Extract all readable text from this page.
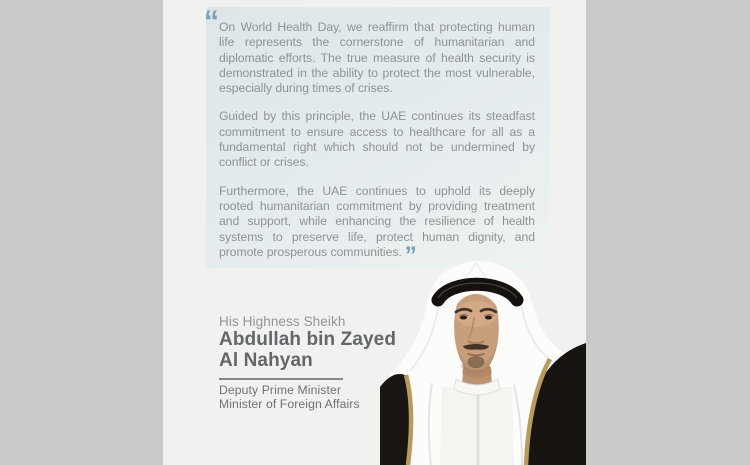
“ On World Health Day, we reaffirm that protecting human life represents the cornerstone of humanitarian and diplomatic efforts. The true measure of health security is demonstrated in the ability to protect the most vulnerable, especially during times of crises.

Guided by this principle, the UAE continues its steadfast commitment to ensure access to healthcare for all as a fundamental right which should not be undermined by conflict or crises.

Furthermore, the UAE continues to uphold its deeply rooted humanitarian commitment by providing treatment and support, while enhancing the resilience of health systems to preserve life, protect human dignity, and promote prosperous communities. ”

His Highness Sheikh
Abdullah bin Zayed Al Nahyan
Deputy Prime Minister
Minister of Foreign Affairs
